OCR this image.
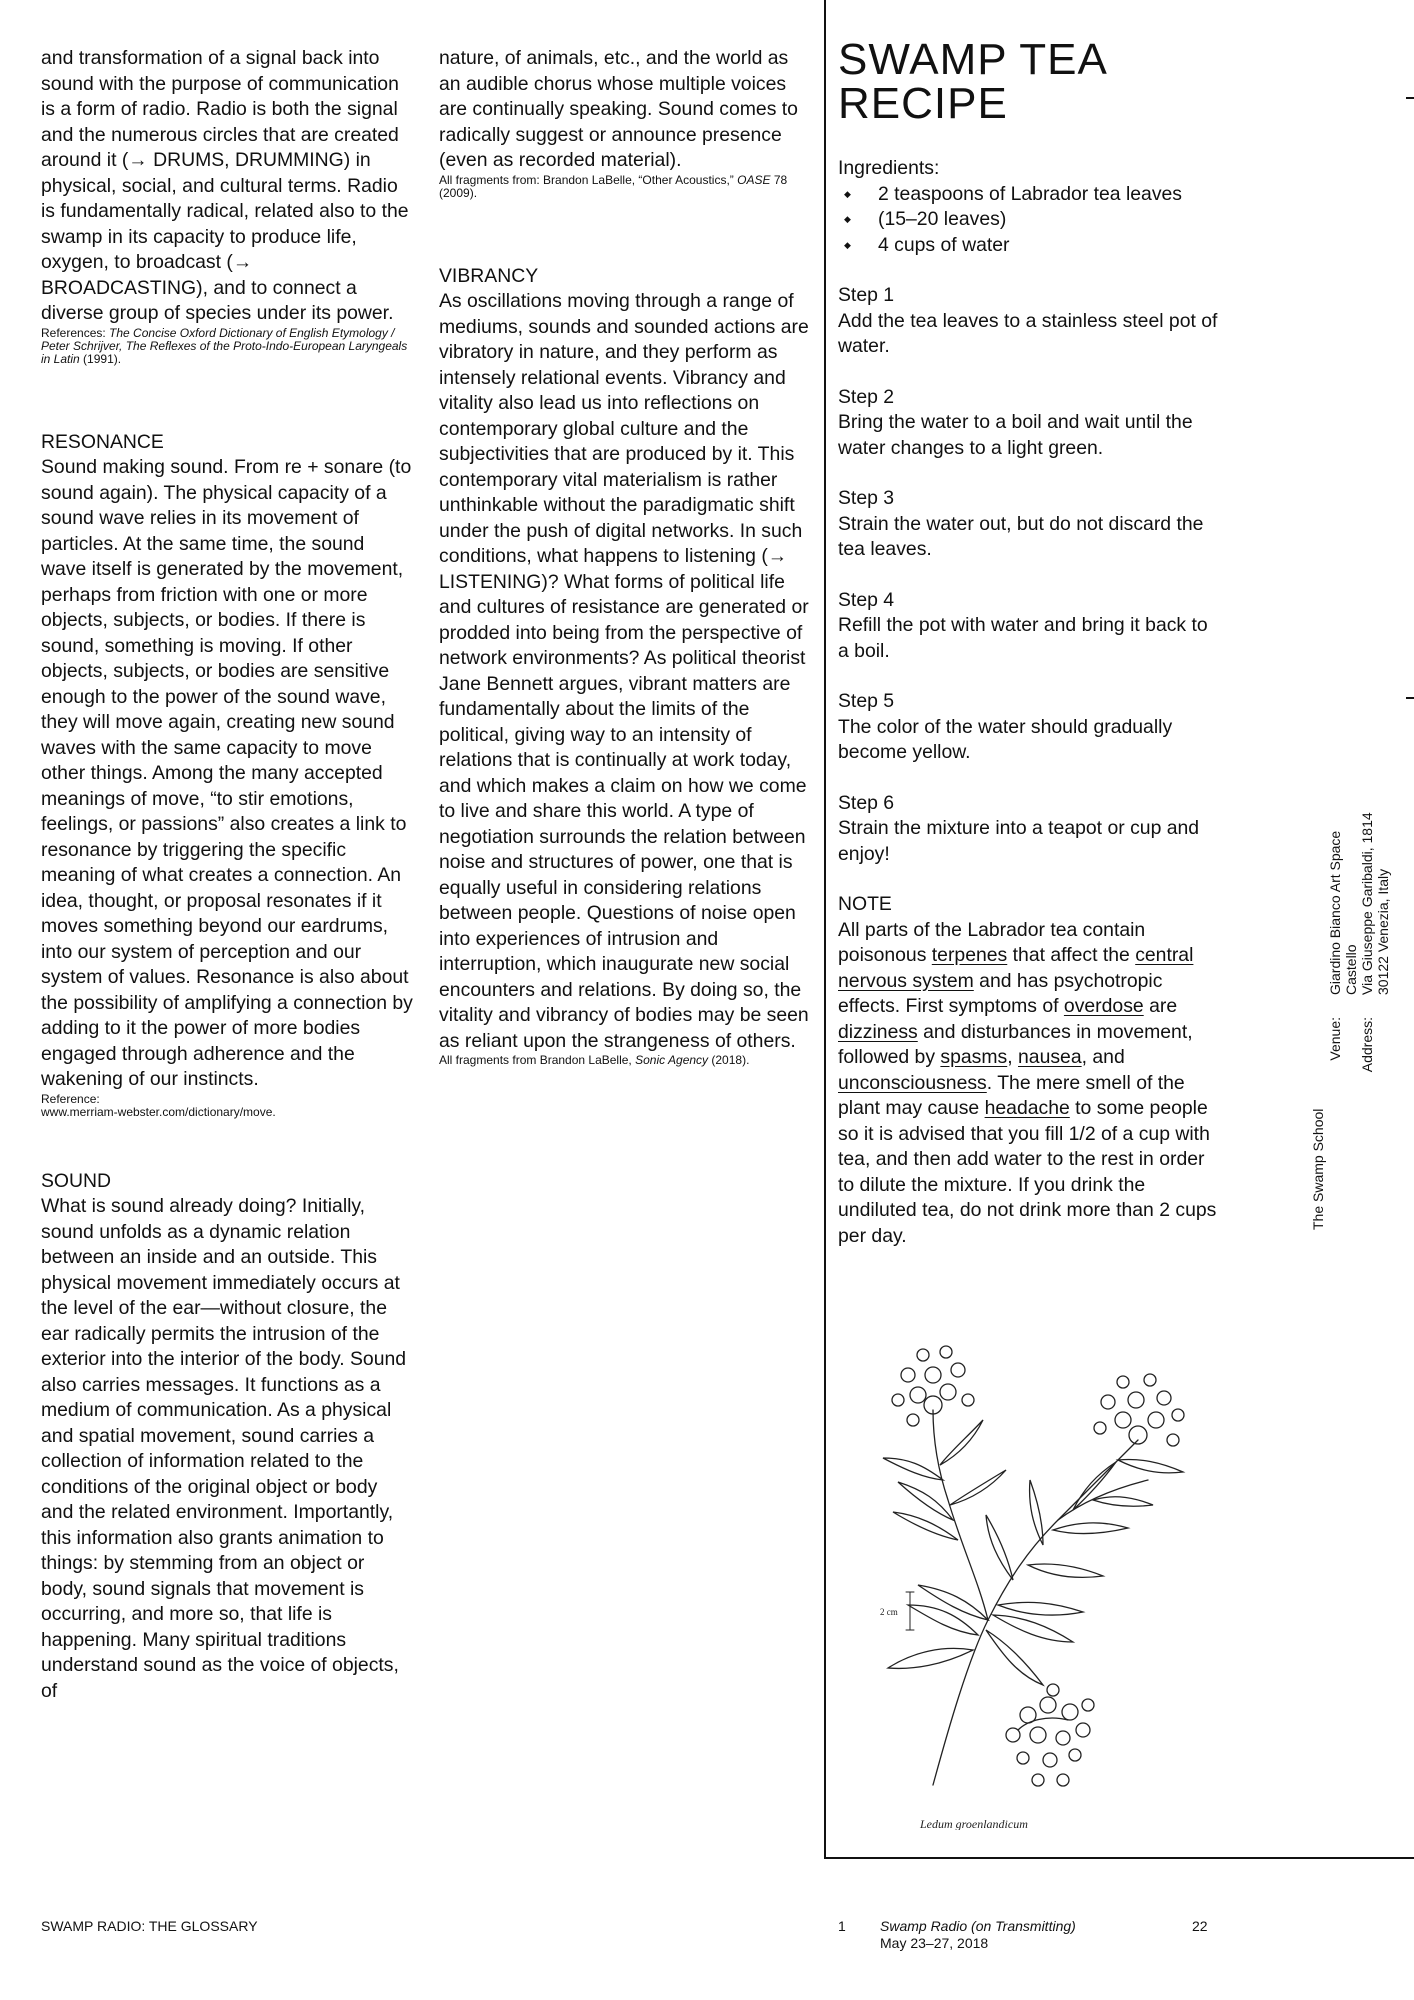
and transformation of a signal back into sound with the purpose of communication is a form of radio. Radio is both the signal and the numerous circles that are created around it (→ DRUMS, DRUMMING) in physical, social, and cultural terms. Radio is fundamentally radical, related also to the swamp in its capacity to produce life, oxygen, to broadcast (→ BROADCASTING), and to connect a diverse group of species under its power.

References: The Concise Oxford Dictionary of English Etymology / Peter Schrijver, The Reflexes of the Proto-Indo-European Laryngeals in Latin (1991).

RESONANCE

Sound making sound. From re + sonare (to sound again). The physical capacity of a sound wave relies in its movement of particles. At the same time, the sound wave itself is generated by the movement, perhaps from friction with one or more objects, subjects, or bodies. If there is sound, something is moving. If other objects, subjects, or bodies are sensitive enough to the power of the sound wave, they will move again, creating new sound waves with the same capacity to move other things. Among the many accepted meanings of move, “to stir emotions, feelings, or passions” also creates a link to resonance by triggering the specific meaning of what creates a connection. An idea, thought, or proposal resonates if it moves something beyond our eardrums, into our system of perception and our system of values. Resonance is also about the possibility of amplifying a connection by adding to it the power of more bodies engaged through adherence and the wakening of our instincts.

Reference:
www.merriam-webster.com/dictionary/move.

SOUND

What is sound already doing? Initially, sound unfolds as a dynamic relation between an inside and an outside. This physical movement immediately occurs at the level of the ear—without closure, the ear radically permits the intrusion of the exterior into the interior of the body. Sound also carries messages. It functions as a medium of communication. As a physical and spatial movement, sound carries a collection of information related to the conditions of the original object or body and the related environment. Importantly, this information also grants animation to things: by stemming from an object or body, sound signals that movement is occurring, and more so, that life is happening. Many spiritual traditions understand sound as the voice of objects, of

nature, of animals, etc., and the world as an audible chorus whose multiple voices are continually speaking. Sound comes to radically suggest or announce presence (even as recorded material).

All fragments from: Brandon LaBelle, “Other Acoustics,” OASE 78 (2009).

VIBRANCY

As oscillations moving through a range of mediums, sounds and sounded actions are vibratory in nature, and they perform as intensely relational events. Vibrancy and vitality also lead us into reflections on contemporary global culture and the subjectivities that are produced by it. This contemporary vital materialism is rather unthinkable without the paradigmatic shift under the push of digital networks. In such conditions, what happens to listening (→ LISTENING)? What forms of political life and cultures of resistance are generated or prodded into being from the perspective of network environments? As political theorist Jane Bennett argues, vibrant matters are fundamentally about the limits of the political, giving way to an intensity of relations that is continually at work today, and which makes a claim on how we come to live and share this world. A type of negotiation surrounds the relation between noise and structures of power, one that is equally useful in considering relations between people. Questions of noise open into experiences of intrusion and interruption, which inaugurate new social encounters and relations. By doing so, the vitality and vibrancy of bodies may be seen as reliant upon the strangeness of others.

All fragments from Brandon LaBelle, Sonic Agency (2018).

SWAMP TEA
RECIPE

Ingredients:

◆ 2 teaspoons of Labrador tea leaves
◆ (15–20 leaves)
◆ 4 cups of water

Step 1

Add the tea leaves to a stainless steel pot of water.

Step 2

Bring the water to a boil and wait until the water changes to a light green.

Step 3

Strain the water out, but do not discard the tea leaves.

Step 4

Refill the pot with water and bring it back to a boil.

Step 5

The color of the water should gradually become yellow.

Step 6

Strain the mixture into a teapot or cup and enjoy!

NOTE

All parts of the Labrador tea contain poisonous terpenes that affect the central nervous system and has psychotropic effects. First symptoms of overdose are dizziness and disturbances in movement, followed by spasms, nausea, and unconsciousness. The mere smell of the plant may cause headache to some people so it is advised that you fill 1/2 of a cup with tea, and then add water to the rest in order to dilute the mixture. If you drink the undiluted tea, do not drink more than 2 cups per day.

2 cm
Ledum groenlandicum
The Swamp School
Venue:
Giardino Bianco Art Space Castello
Address:
Via Giuseppe Garibaldi, 1814 30122 Venezia, Italy
SWAMP RADIO: THE GLOSSARY	1 Swamp Radio (on Transmitting)
May 23–27, 2018
22
